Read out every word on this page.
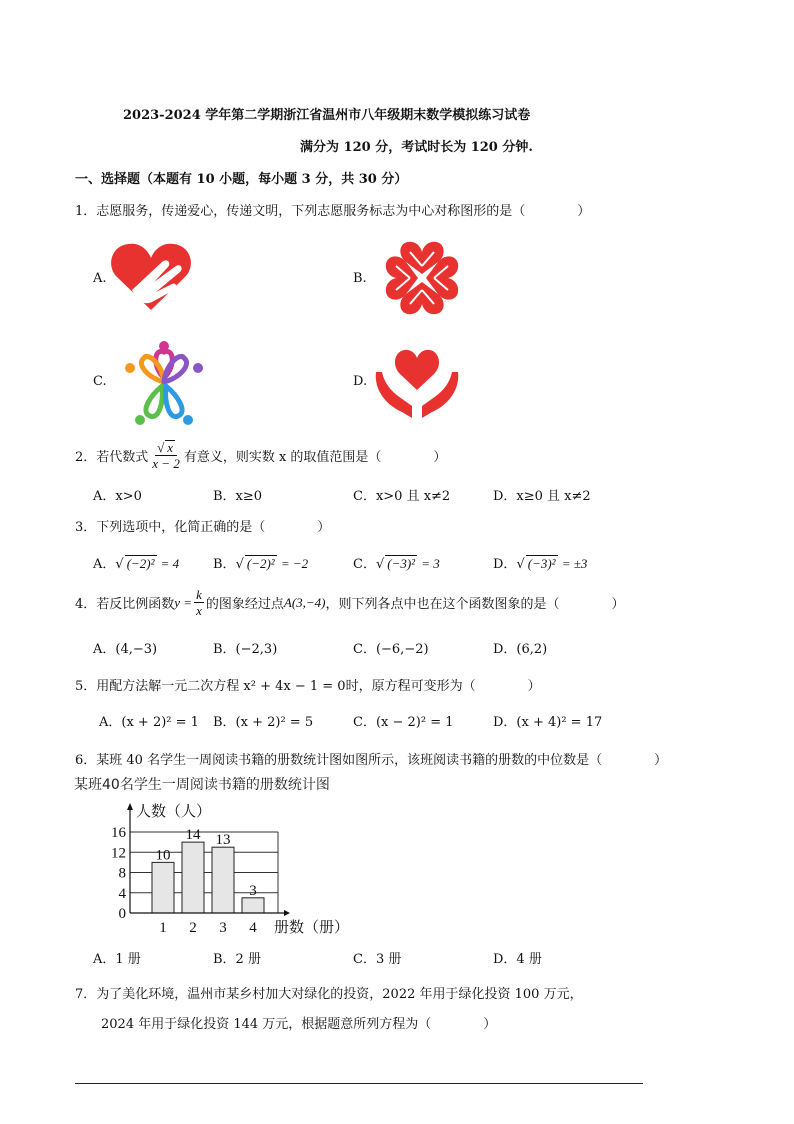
2023-2024 学年第二学期浙江省温州市八年级期末数学模拟练习试卷
满分为 120 分，考试时长为 120 分钟.
一、选择题（本题有 10 小题，每小题 3 分，共 30 分）
1．志愿服务，传递爱心，传递文明，下列志愿服务标志为中心对称图形的是（　　　　）
A.	B.
C.	D.
2．若代数式 $\frac{√ x}{x - 2}$ 有意义，则实数 x 的取值范围是（　　　　）
A．x>0	B．x≥0	C．x>0 且 x≠2	D．x≥0 且 x≠2
3．下列选项中，化简正确的是（　　　　）
A．√ (−2)² = 4	B．√ (−2)² = −2	C．√ (−3)² = 3	D．√ (−3)² = ±3
4．若反比例函数 $y = \frac{k}{x}$ 的图象经过点 A(3,−4) ，则下列各点中也在这个函数图象的是（　　　　）
A．(4,−3)	B．(−2,3)	C．(−6,−2)	D．(6,2)
5．用配方法解一元二次方程 x² + 4x − 1 = 0时，原方程可变形为（　　　　）
A．(x + 2)² = 1 B．(x + 2)² = 5	C．(x − 2)² = 1	D．(x + 4)² = 17
6．某班 40 名学生一周阅读书籍的册数统计图如图所示，该班阅读书籍的册数的中位数是（　　　　）
某班40名学生一周阅读书籍的册数统计图
0
4
8
12
16
10
1
14
2
13
3
3
4
人数（人）
册数（册）
A．1 册	B．2 册	C．3 册	D．4 册
7．为了美化环境，温州市某乡村加大对绿化的投资，2022 年用于绿化投资 100 万元，
2024 年用于绿化投资 144 万元，根据题意所列方程为（　　　　）
